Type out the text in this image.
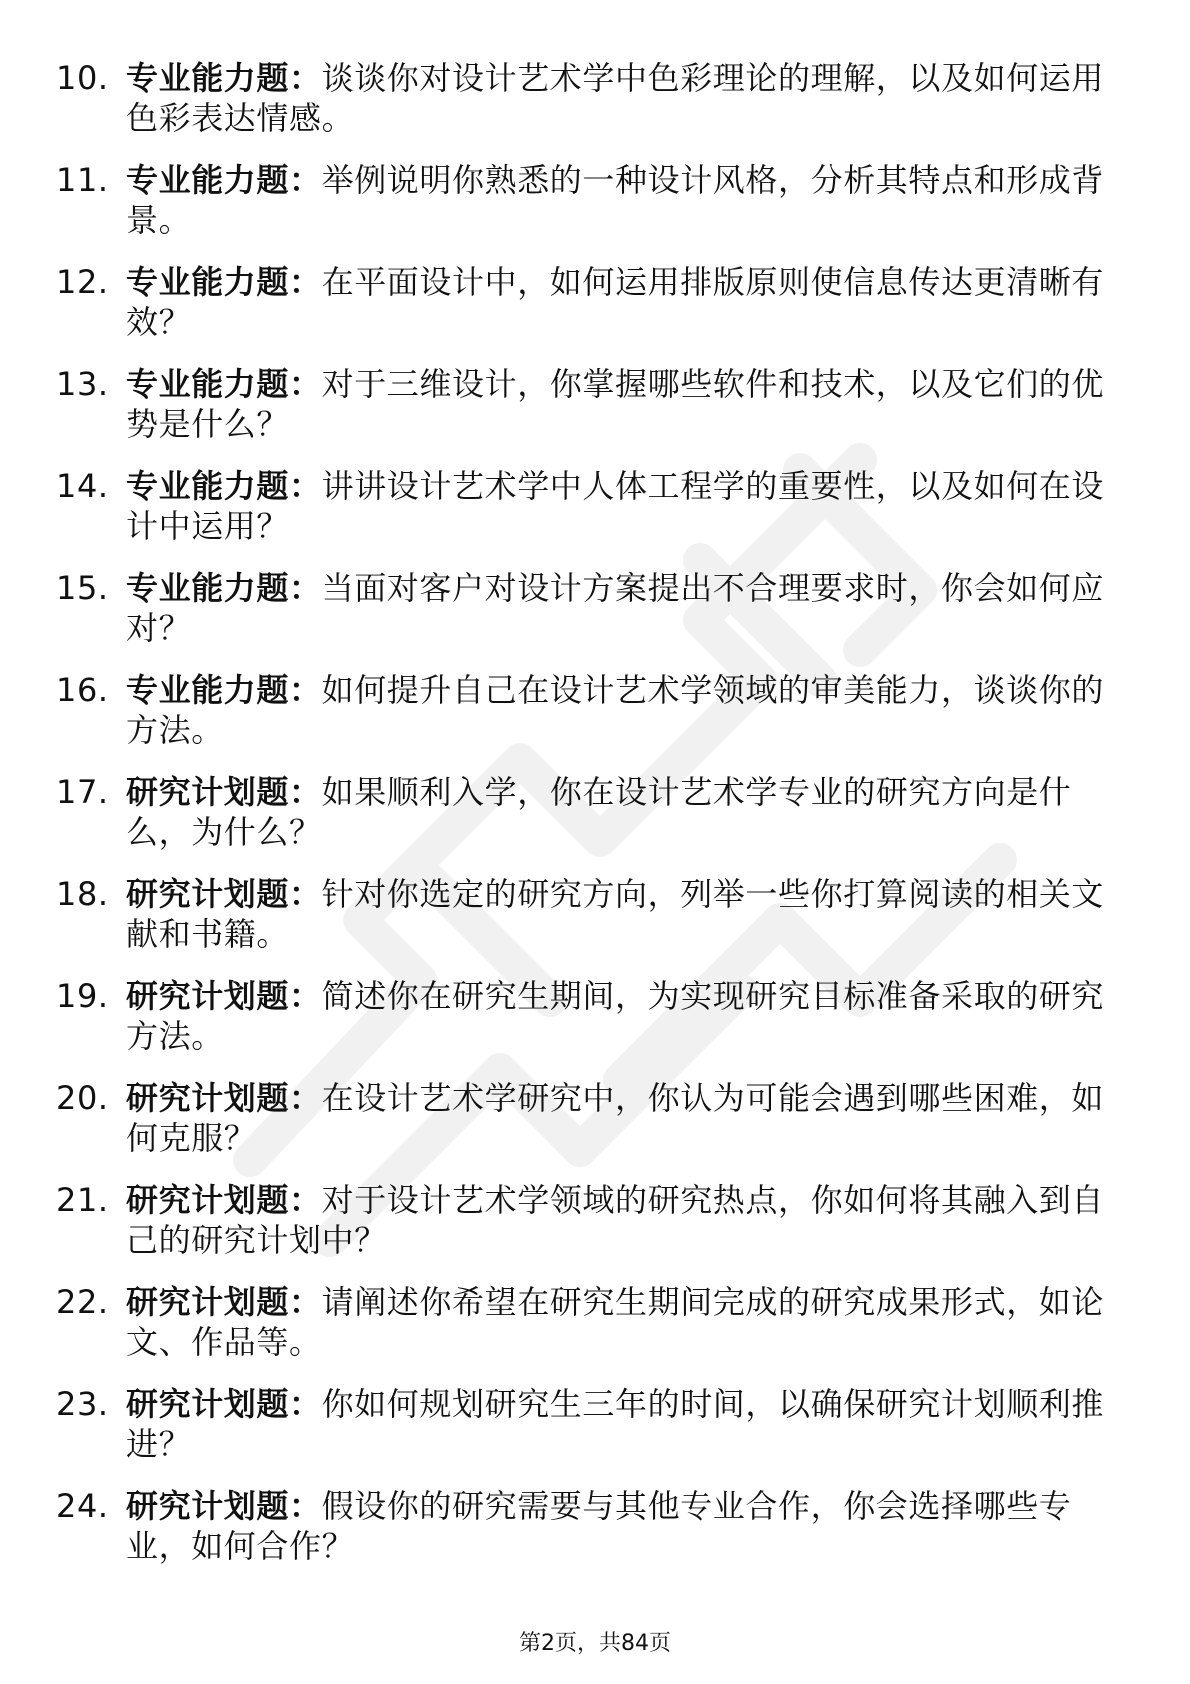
10. 专业能力题：谈谈你对设计艺术学中色彩理论的理解，以及如何运用色彩表达情感。
11. 专业能力题：举例说明你熟悉的一种设计风格，分析其特点和形成背景。
12. 专业能力题：在平面设计中，如何运用排版原则使信息传达更清晰有效？
13. 专业能力题：对于三维设计，你掌握哪些软件和技术，以及它们的优势是什么？
14. 专业能力题：讲讲设计艺术学中人体工程学的重要性，以及如何在设计中运用？
15. 专业能力题：当面对客户对设计方案提出不合理要求时，你会如何应对？
16. 专业能力题：如何提升自己在设计艺术学领域的审美能力，谈谈你的方法。
17. 研究计划题：如果顺利入学，你在设计艺术学专业的研究方向是什么，为什么？
18. 研究计划题：针对你选定的研究方向，列举一些你打算阅读的相关文献和书籍。
19. 研究计划题：简述你在研究生期间，为实现研究目标准备采取的研究方法。
20. 研究计划题：在设计艺术学研究中，你认为可能会遇到哪些困难，如何克服？
21. 研究计划题：对于设计艺术学领域的研究热点，你如何将其融入到自己的研究计划中？
22. 研究计划题：请阐述你希望在研究生期间完成的研究成果形式，如论文、作品等。
23. 研究计划题：你如何规划研究生三年的时间，以确保研究计划顺利推进？
24. 研究计划题：假设你的研究需要与其他专业合作，你会选择哪些专业，如何合作？
第2页，共84页
